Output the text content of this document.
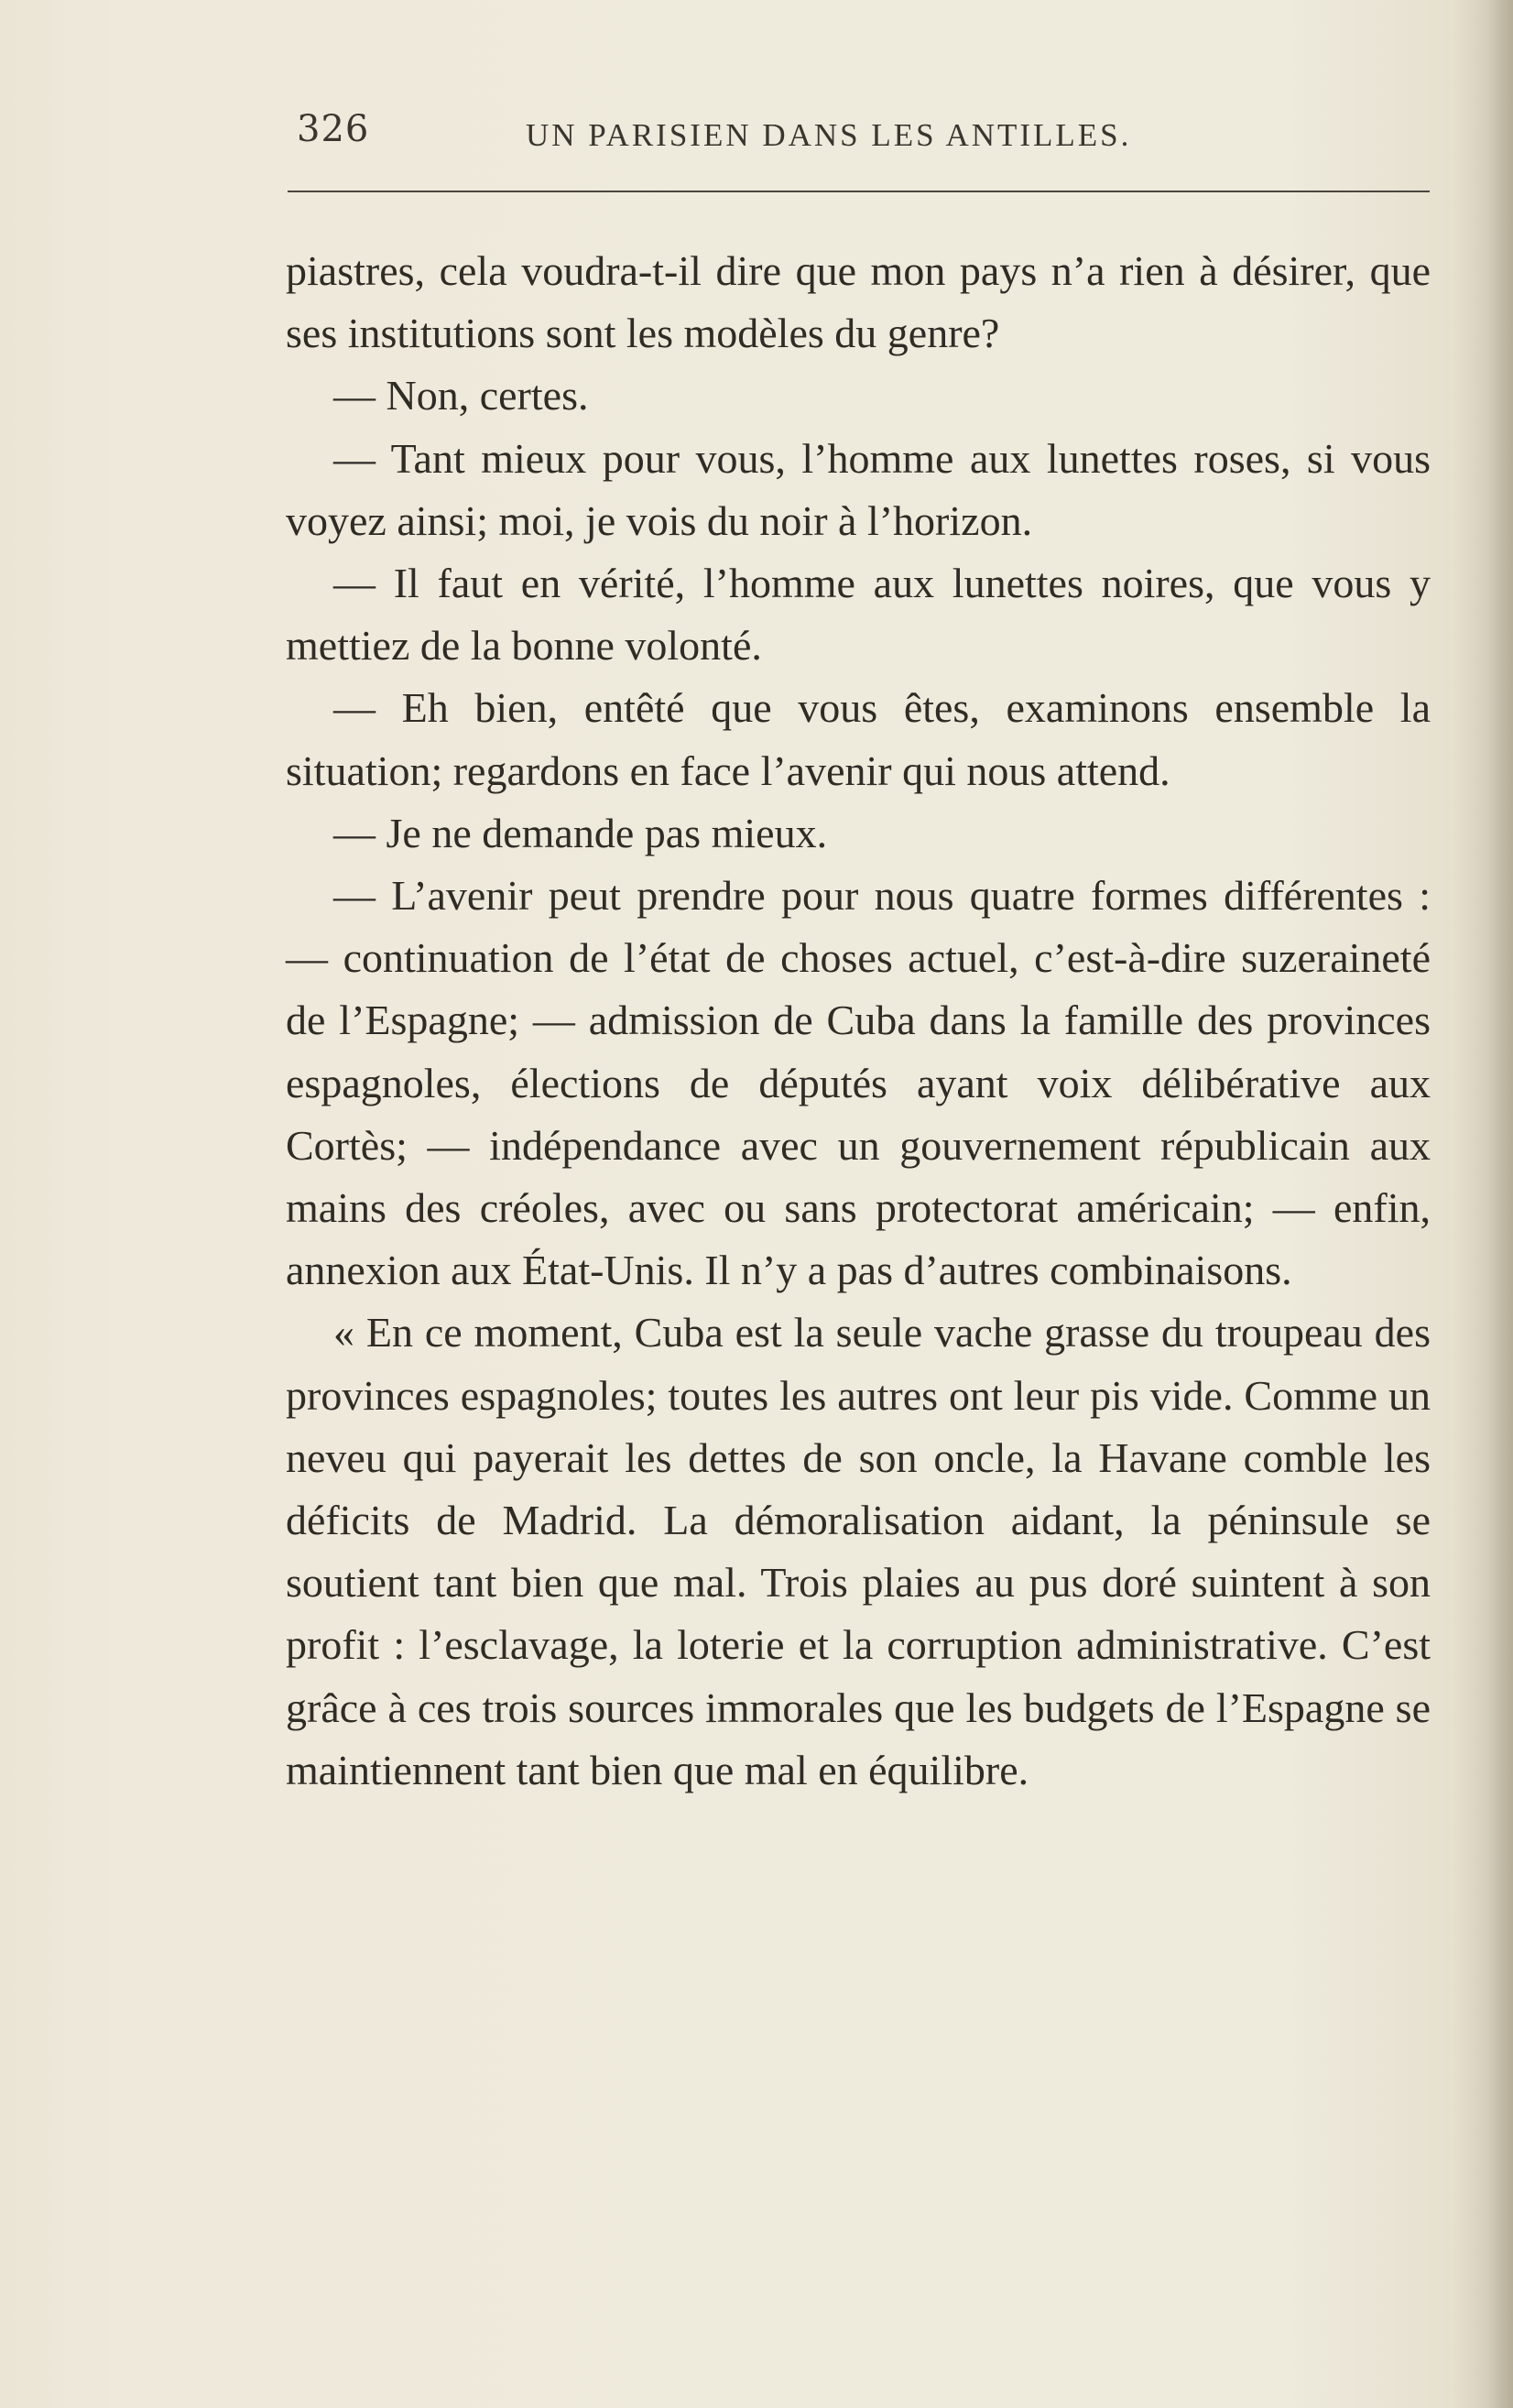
326	UN PARISIEN DANS LES ANTILLES.

piastres, cela voudra-t-il dire que mon pays n’a rien à désirer, que ses institutions sont les modèles du genre?

— Non, certes.

— Tant mieux pour vous, l’homme aux lunettes roses, si vous voyez ainsi; moi, je vois du noir à l’horizon.

— Il faut en vérité, l’homme aux lunettes noires, que vous y mettiez de la bonne volonté.

— Eh bien, entêté que vous êtes, examinons ensemble la situation; regardons en face l’avenir qui nous attend.

— Je ne demande pas mieux.

— L’avenir peut prendre pour nous quatre formes différentes : — continuation de l’état de choses actuel, c’est-à-dire suzeraineté de l’Espagne; — admission de Cuba dans la famille des provinces espagnoles, élections de députés ayant voix délibérative aux Cortès; — indépendance avec un gouvernement républicain aux mains des créoles, avec ou sans protectorat américain; — enfin, annexion aux État-Unis. Il n’y a pas d’autres combinaisons.

« En ce moment, Cuba est la seule vache grasse du troupeau des provinces espagnoles; toutes les autres ont leur pis vide. Comme un neveu qui payerait les dettes de son oncle, la Havane comble les déficits de Madrid. La démoralisation aidant, la péninsule se soutient tant bien que mal. Trois plaies au pus doré suintent à son profit : l’esclavage, la loterie et la corruption administrative. C’est grâce à ces trois sources immorales que les budgets de l’Espagne se maintiennent tant bien que mal en équilibre.
